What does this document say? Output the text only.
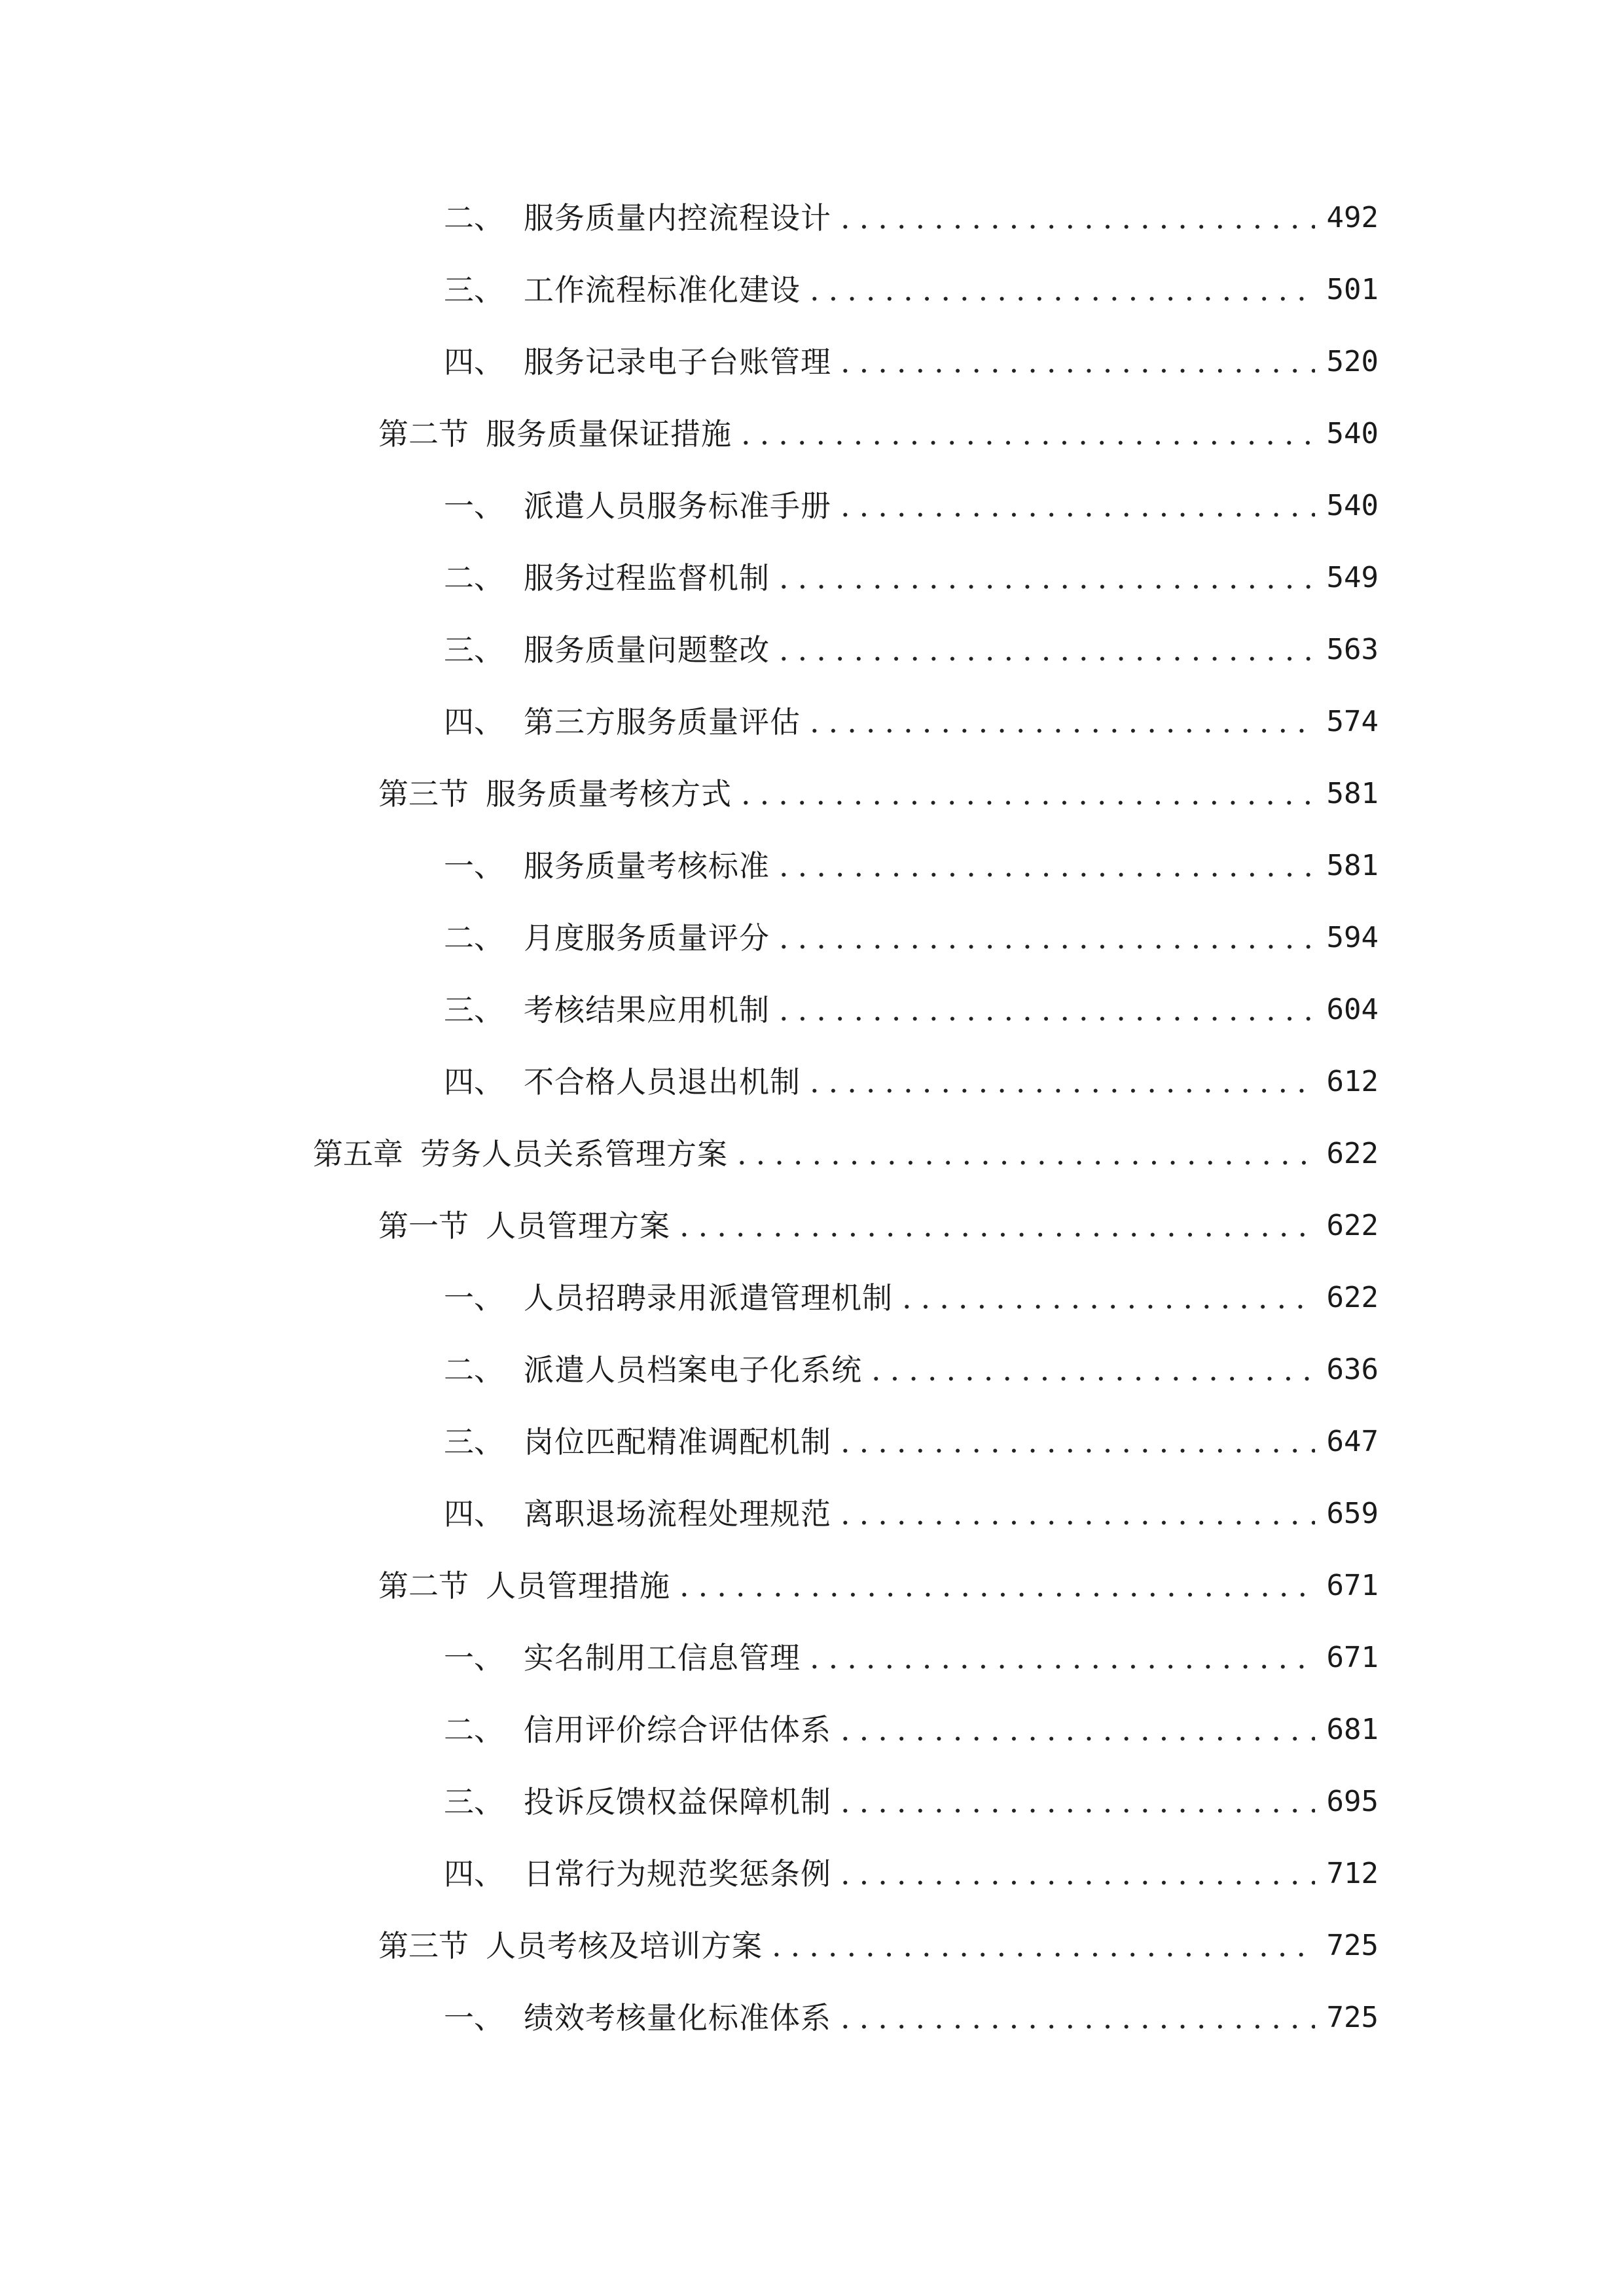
二、 服务质量内控流程设计 .....	492
三、 工作流程标准化建设 .....	501
四、 服务记录电子台账管理 .....	520
第二节 服务质量保证措施 .....	540
一、 派遣人员服务标准手册 .....	540
二、 服务过程监督机制 .....	549
三、 服务质量问题整改 .....	563
四、 第三方服务质量评估 .....	574
第三节 服务质量考核方式 .....	581
一、 服务质量考核标准 .....	581
二、 月度服务质量评分 .....	594
三、 考核结果应用机制 .....	604
四、 不合格人员退出机制 .....	612
第五章 劳务人员关系管理方案 .....	622
第一节 人员管理方案 .....	622
一、 人员招聘录用派遣管理机制 .....	622
二、 派遣人员档案电子化系统 .....	636
三、 岗位匹配精准调配机制 .....	647
四、 离职退场流程处理规范 .....	659
第二节 人员管理措施 .....	671
一、 实名制用工信息管理 .....	671
二、 信用评价综合评估体系 .....	681
三、 投诉反馈权益保障机制 .....	695
四、 日常行为规范奖惩条例 .....	712
第三节 人员考核及培训方案 .....	725
一、 绩效考核量化标准体系 .....	725
